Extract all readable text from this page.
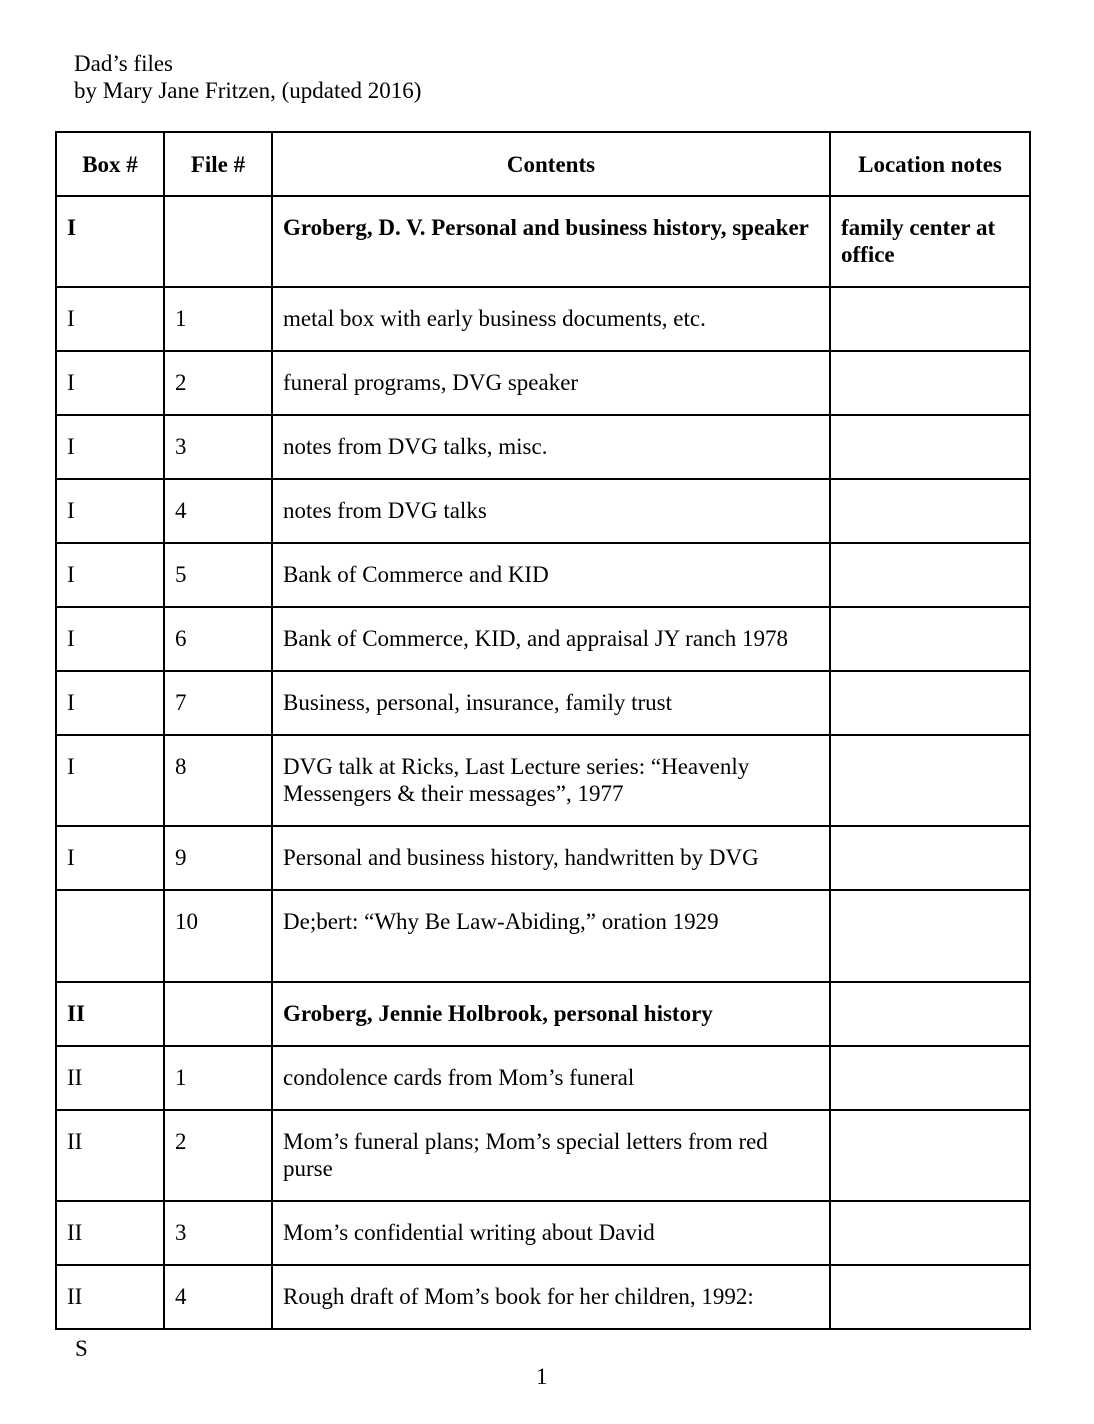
Dad’s files
by Mary Jane Fritzen, (updated 2016)
Box #	File #	Contents	Location notes
I		Groberg, D. V. Personal and business history, speaker	family center at office
I	1	metal box with early business documents, etc.	
I	2	funeral programs, DVG speaker	
I	3	notes from DVG talks, misc.	
I	4	notes from DVG talks	
I	5	Bank of Commerce and KID	
I	6	Bank of Commerce, KID, and appraisal JY ranch 1978	
I	7	Business, personal, insurance, family trust	
I	8	DVG talk at Ricks, Last Lecture series: “Heavenly Messengers & their messages”, 1977	
I	9	Personal and business history, handwritten by DVG	
	10	De;bert: “Why Be Law-Abiding,” oration 1929	
II		Groberg, Jennie Holbrook, personal history	
II	1	condolence cards from Mom’s funeral	
II	2	Mom’s funeral plans; Mom’s special letters from red purse	
II	3	Mom’s confidential writing about David	
II	4	Rough draft of Mom’s book for her children, 1992:	
S
1
